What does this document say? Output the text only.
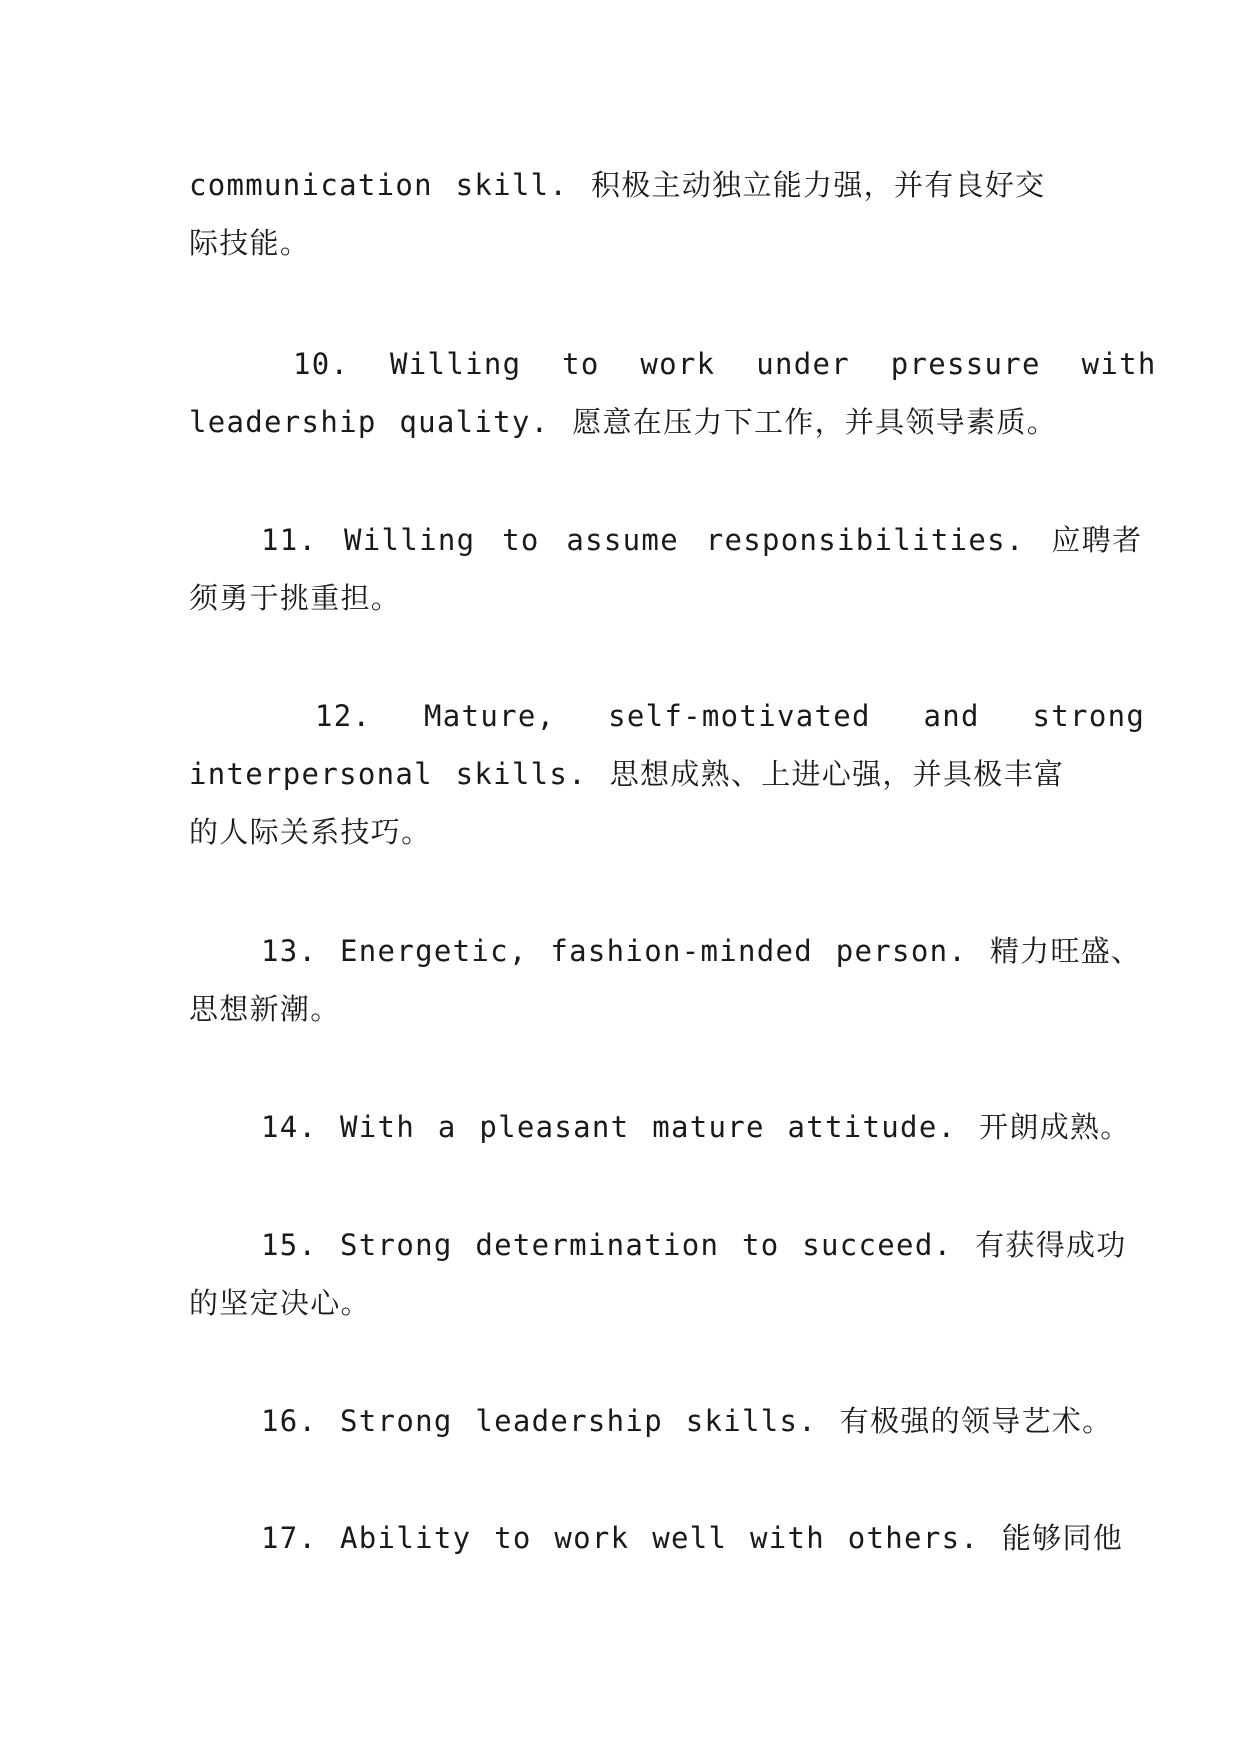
communication skill. 积极主动独立能力强，并有良好交
际技能。
10. Willing to work under pressure with
leadership quality. 愿意在压力下工作，并具领导素质。
11. Willing to assume responsibilities. 应聘者
须勇于挑重担。
12. Mature, self-motivated and strong
interpersonal skills. 思想成熟、上进心强，并具极丰富
的人际关系技巧。
13. Energetic, fashion-minded person. 精力旺盛、
思想新潮。
14. With a pleasant mature attitude. 开朗成熟。
15. Strong determination to succeed. 有获得成功
的坚定决心。
16. Strong leadership skills. 有极强的领导艺术。
17. Ability to work well with others. 能够同他
